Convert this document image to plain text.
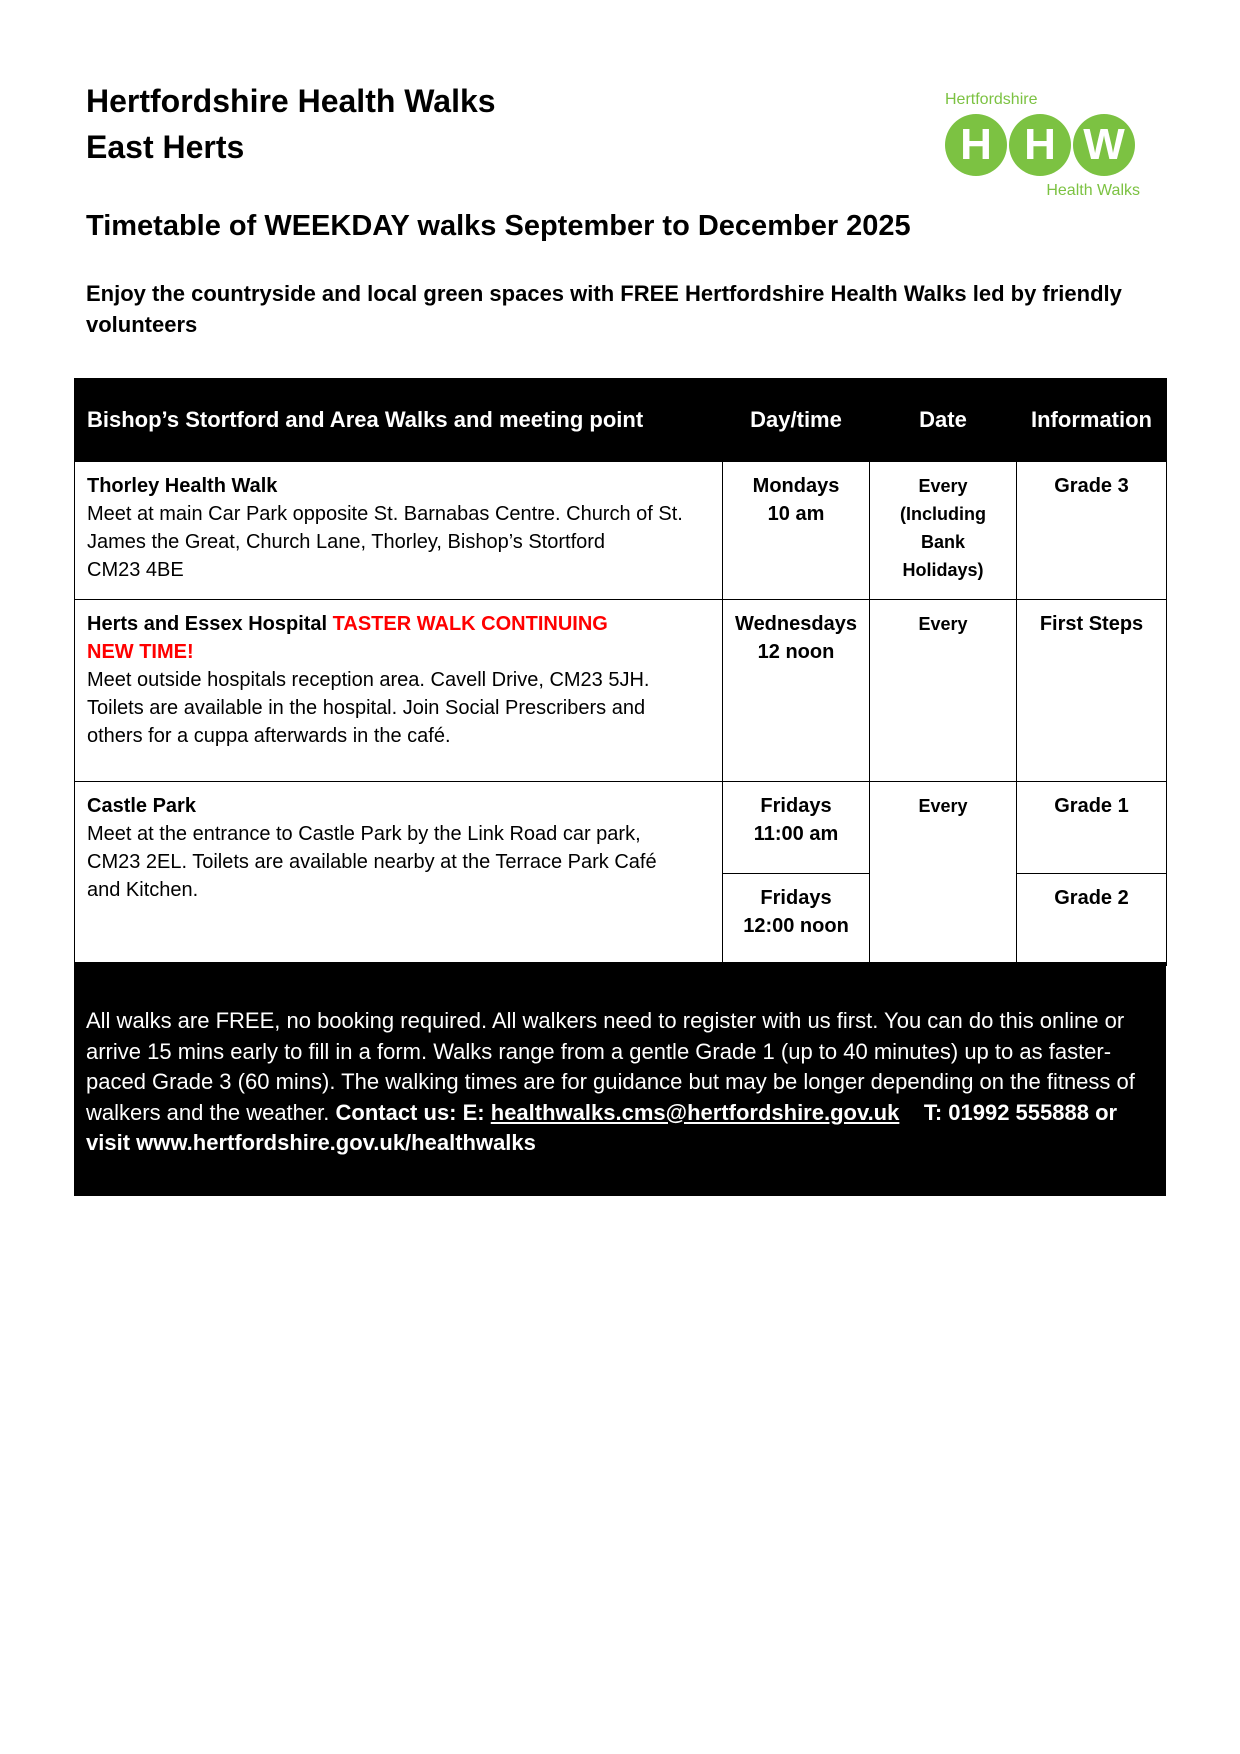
Hertfordshire Health Walks
East Herts
Hertfordshire
H H W
Health Walks
Timetable of WEEKDAY walks September to December 2025
Enjoy the countryside and local green spaces with FREE Hertfordshire Health Walks led by friendly volunteers
Bishop’s Stortford and Area Walks and meeting point	Day/time	Date	Information
Thorley Health Walk
Meet at main Car Park opposite St. Barnabas Centre. Church of St.
James the Great, Church Lane, Thorley, Bishop’s Stortford
CM23 4BE	Mondays
10 am	Every
(Including
Bank
Holidays)	Grade 3
Herts and Essex Hospital TASTER WALK CONTINUING
NEW TIME!
Meet outside hospitals reception area. Cavell Drive, CM23 5JH.
Toilets are available in the hospital. Join Social Prescribers and
others for a cuppa afterwards in the café.	Wednesdays
12 noon	Every	First Steps
Castle Park
Meet at the entrance to Castle Park by the Link Road car park,
CM23 2EL. Toilets are available nearby at the Terrace Park Café
and Kitchen.	Fridays
11:00 am	Every	Grade 1
	Fridays
12:00 noon		Grade 2
All walks are FREE, no booking required. All walkers need to register with us first. You can do this online or arrive 15 mins early to fill in a form. Walks range from a gentle Grade 1 (up to 40 minutes) up to as faster-paced Grade 3 (60 mins). The walking times are for guidance but may be longer depending on the fitness of walkers and the weather. Contact us: E: healthwalks.cms@hertfordshire.gov.uk T: 01992 555888 or visit www.hertfordshire.gov.uk/healthwalks
